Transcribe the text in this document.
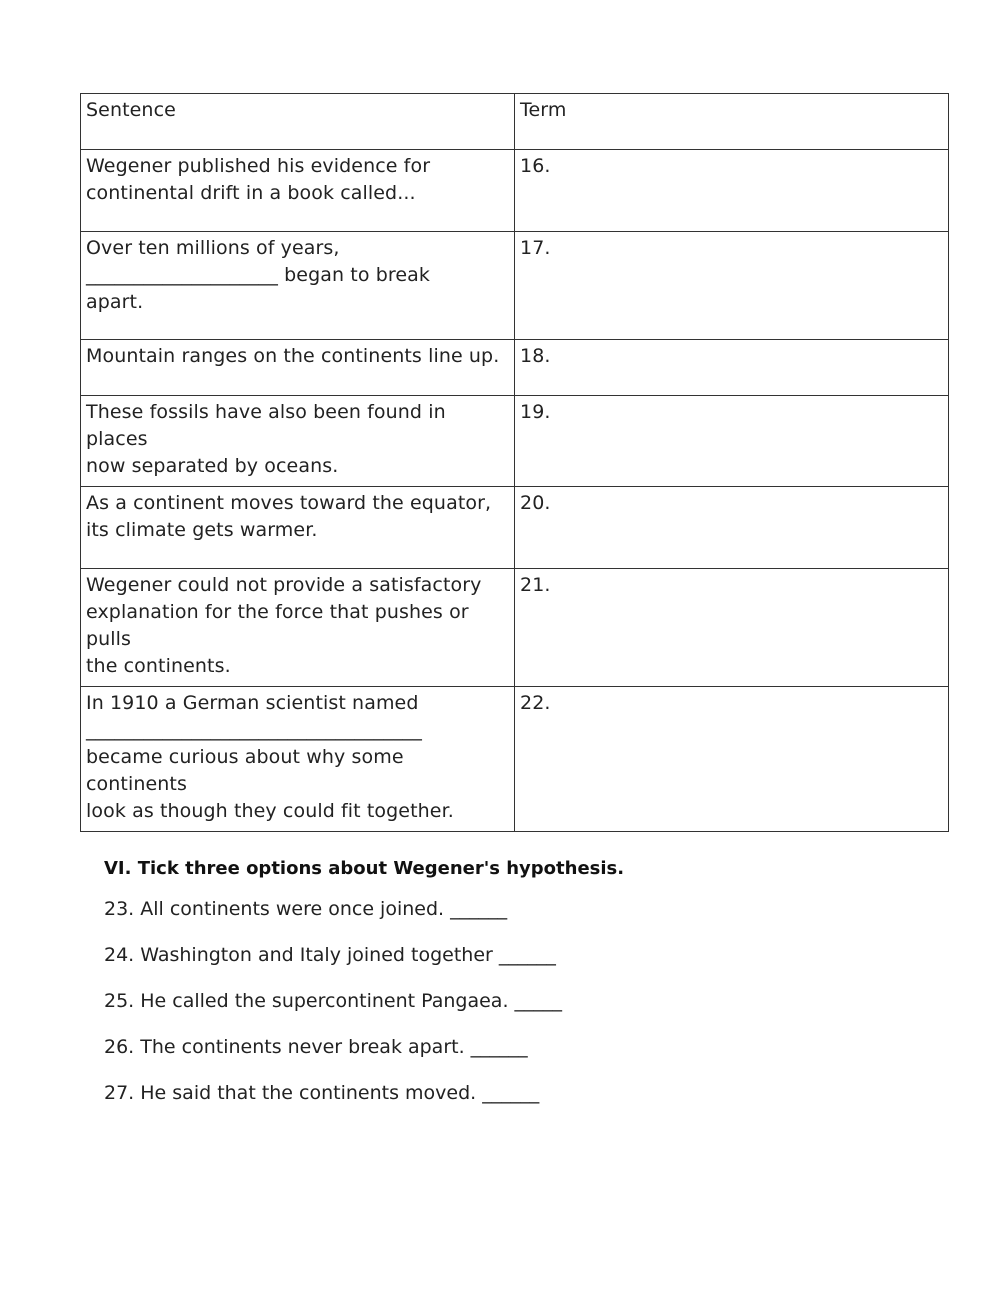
Sentence	Term

Wegener published his evidence for
continental drift in a book called...	16.

Over ten millions of years,
____________________ began to break
apart.	17.

Mountain ranges on the continents line up.	18.

These fossils have also been found in places
now separated by oceans.	19.

As a continent moves toward the equator,
its climate gets warmer.	20.

Wegener could not provide a satisfactory
explanation for the force that pushes or pulls
the continents.	21.

In 1910 a German scientist named
___________________________________
became curious about why some continents
look as though they could fit together.	22.
VI. Tick three options about Wegener's hypothesis.
23. All continents were once joined. ______
24. Washington and Italy joined together ______
25. He called the supercontinent Pangaea. _____
26. The continents never break apart. ______
27. He said that the continents moved. ______
